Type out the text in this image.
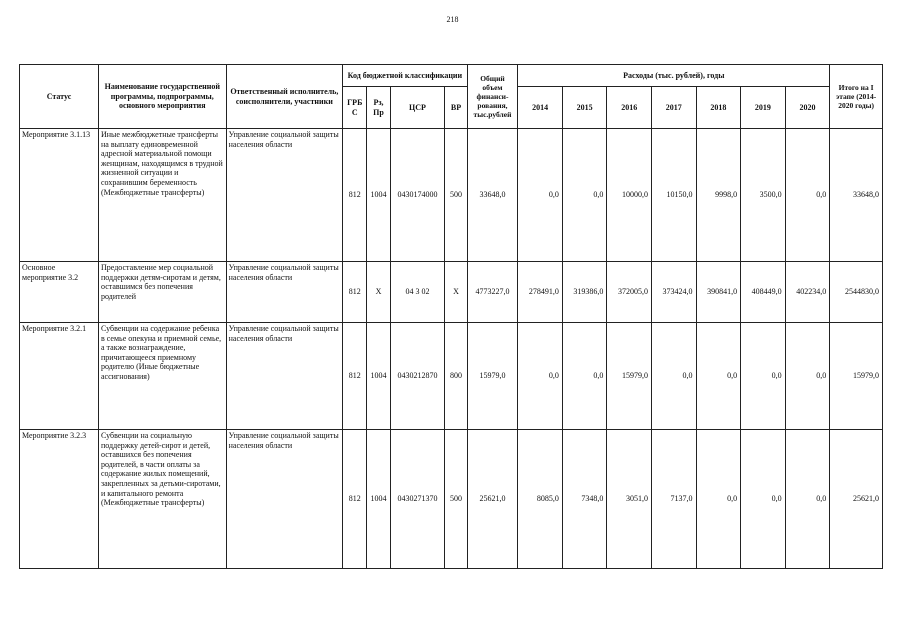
218
Статус	Наименование государственной программы, подпрограммы, основного мероприятия	Ответственный исполнитель, соисполнители, участники	Код бюджетной классификации				Общий объем финанси-рования, тыс.рублей	Расходы (тыс. рублей), годы							Итого на I этапе (2014-2020 годы)
			ГРБ С	Рз, Пр	ЦСР	ВР		2014	2015	2016	2017	2018	2019	2020	
Мероприятие 3.1.13	Иные межбюджетные трансферты на выплату единовременной адресной материальной помощи женщинам, находящимся в трудной жизненной ситуации и сохранившим беременность (Межбюджетные трансферты)	Управление социальной защиты населения области	812	1004	0430174000	500	33648,0	0,0	0,0	10000,0	10150,0	9998,0	3500,0	0,0	33648,0
Основное мероприятие 3.2	Предоставление мер социальной поддержки детям-сиротам и детям, оставшимся без попечения родителей	Управление социальной защиты населения области	812	Х	04 3 02	Х	4773227,0	278491,0	319386,0	372005,0	373424,0	390841,0	408449,0	402234,0	2544830,0
Мероприятие 3.2.1	Субвенции на содержание ребенка в семье опекуна и приемной семье, а также вознаграждение, причитающееся приемному родителю (Иные бюджетные ассигнования)	Управление социальной защиты населения области	812	1004	0430212870	800	15979,0	0,0	0,0	15979,0	0,0	0,0	0,0	0,0	15979,0
Мероприятие 3.2.3	Субвенции на социальную поддержку детей-сирот и детей, оставшихся без попечения родителей, в части оплаты за содержание жилых помещений, закрепленных за детьми-сиротами, и капитального ремонта (Межбюджетные трансферты)	Управление социальной защиты населения области	812	1004	0430271370	500	25621,0	8085,0	7348,0	3051,0	7137,0	0,0	0,0	0,0	25621,0
